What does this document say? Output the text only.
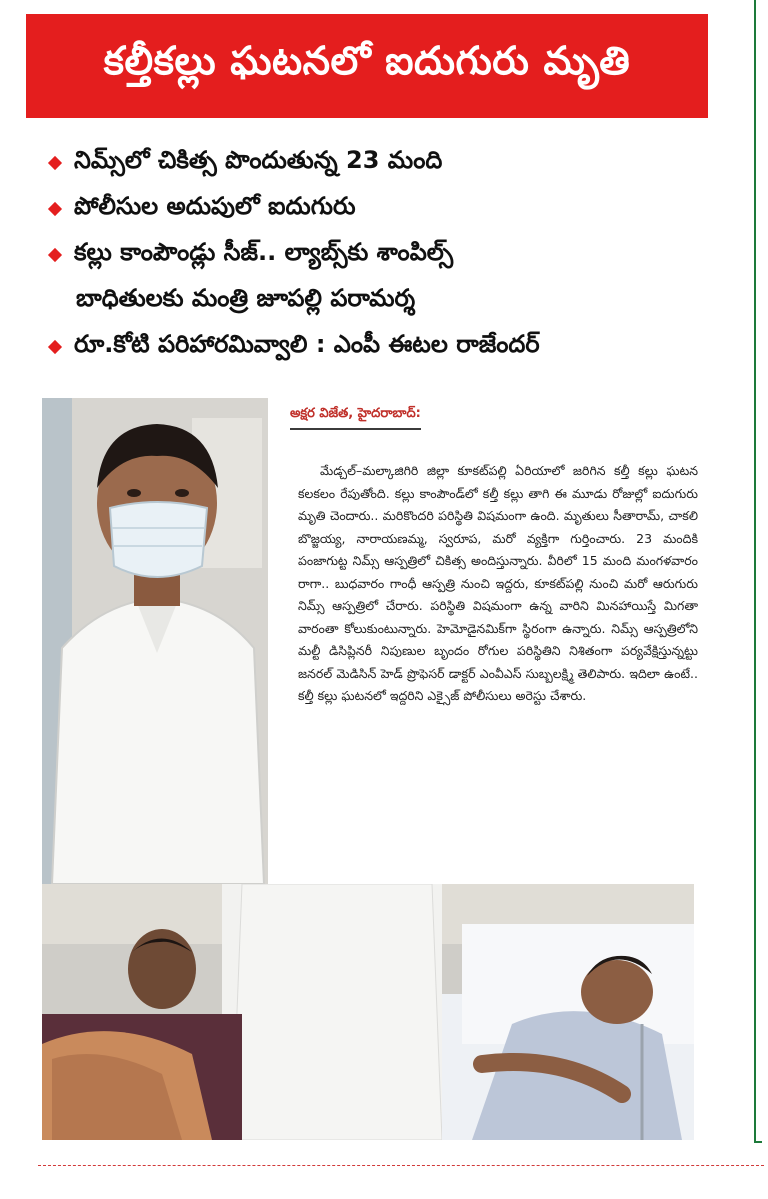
కల్తీకల్లు ఘటనలో ఐదుగురు మృతి
నిమ్స్‌లో చికిత్స పొందుతున్న 23 మంది
పోలీసుల అదుపులో ఐదుగురు
కల్లు కాంపౌండ్లు సీజ్‌.. ల్యాబ్స్‌కు శాంపిల్స్‌
బాధితులకు మంత్రి జూపల్లి పరామర్శ
రూ.కోటి పరిహారమివ్వాలి : ఎంపీ ఈటల రాజేందర్‌
అక్షర విజేత, హైదరాబాద్‌:

మేడ్చల్‌–మల్కాజిగిరి జిల్లా కూకట్‌పల్లి ఏరియాలో జరిగిన కల్తీ కల్లు ఘటన కలకలం రేపుతోంది. కల్లు కాంపౌండ్‌లో కల్తీ కల్లు తాగి ఈ మూడు రోజుల్లో ఐదుగురు మృతి చెందారు.. మరికొందరి పరిస్థితి విషమంగా ఉంది. మృతులు సీతారామ్‌, చాకలి బొజ్జయ్య, నారాయణమ్మ, స్వరూప, మరో వ్యక్తిగా గుర్తించారు. 23 మందికి పంజాగుట్ట నిమ్స్‌ ఆస్పత్రిలో చికిత్స అందిస్తున్నారు. వీరిలో 15 మంది మంగళవారం రాగా.. బుధవారం గాంధీ ఆస్పత్రి నుంచి ఇద్దరు, కూకట్‌పల్లి నుంచి మరో ఆరుగురు నిమ్స్‌ ఆస్పత్రిలో చేరారు. పరిస్థితి విషమంగా ఉన్న వారిని మినహాయిస్తే మిగతా వారంతా కోలుకుంటున్నారు. హెమోడైనమిక్‌గా స్థిరంగా ఉన్నారు. నిమ్స్‌ ఆస్పత్రిలోని మల్టీ డిసిప్లినరీ నిపుణుల బృందం రోగుల పరిస్థితిని నిశితంగా పర్యవేక్షిస్తున్నట్టు జనరల్‌ మెడిసిన్‌ హెడ్‌ ప్రొఫెసర్‌ డాక్టర్‌ ఎంవీఎస్‌ సుబ్బలక్ష్మి తెలిపారు. ఇదిలా ఉంటే.. కల్తీ కల్లు ఘటనలో ఇద్దరిని ఎక్సైజ్‌ పోలీసులు అరెస్టు చేశారు.
